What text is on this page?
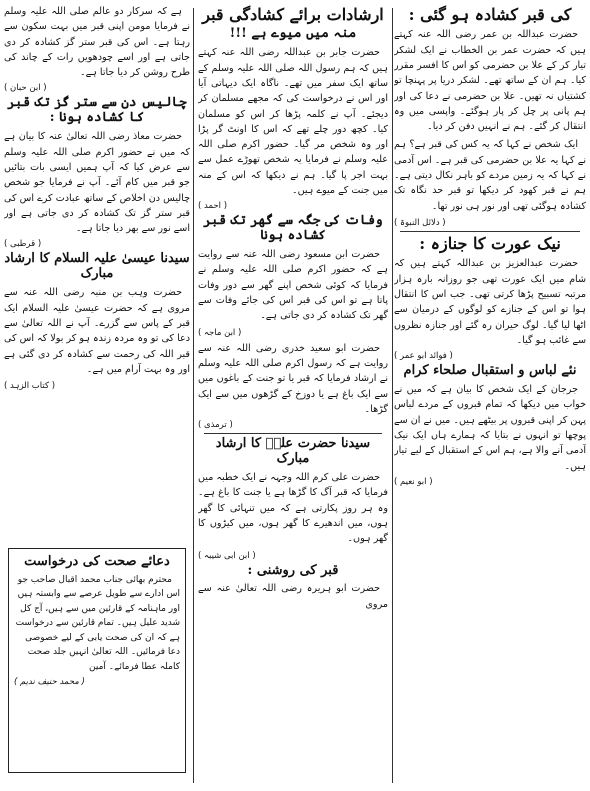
کی قبر کشادہ ہو گئی :

حضرت عبداللہ بن عمر رضی اللہ عنہ کہتے ہیں کہ حضرت عمر بن الخطاب نے ایک لشکر تیار کر کے علا بن حضرمی کو اس کا افسر مقرر کیا۔ ہم ان کے ساتھ تھے۔ لشکر دریا پر پہنچا تو کشتیاں نہ تھیں۔ علا بن حضرمی نے دعا کی اور ہم پانی پر چل کر پار ہوگئے۔ واپسی میں وہ انتقال کر گئے۔ ہم نے انہیں دفن کر دیا۔

ایک شخص نے کہا کہ یہ کس کی قبر ہے؟ ہم نے کہا یہ علا بن حضرمی کی قبر ہے۔ اس آدمی نے کہا کہ یہ زمین مردے کو باہر نکال دیتی ہے۔ ہم نے قبر کھود کر دیکھا تو قبر حد نگاہ تک کشادہ ہوگئی تھی اور نور ہی نور تھا۔

( دلائل النبوۃ )
نیک عورت کا جنازہ :

حضرت عبدالعزیز بن عبداللہ کہتے ہیں کہ شام میں ایک عورت تھی جو روزانہ بارہ ہزار مرتبہ تسبیح پڑھا کرتی تھی۔ جب اس کا انتقال ہوا تو اس کے جنازے کو لوگوں کے درمیان سے اٹھا لیا گیا۔ لوگ حیران رہ گئے اور جنازہ نظروں سے غائب ہو گیا۔

( فوائد ابو عمر )
نئے لباس و استقبال صلحاء کرام

جرجان کے ایک شخص کا بیان ہے کہ میں نے خواب میں دیکھا کہ تمام قبروں کے مردے لباس پہن کر اپنی قبروں پر بیٹھے ہیں۔ میں نے ان سے پوچھا تو انہوں نے بتایا کہ ہمارے ہاں ایک نیک آدمی آنے والا ہے، ہم اس کے استقبال کے لیے تیار ہیں۔

( ابو نعیم )
ارشادات برائے کشادگی قبر
منہ میں میوے ہے !!!

حضرت جابر بن عبداللہ رضی اللہ عنہ کہتے ہیں کہ ہم رسول اللہ صلی اللہ علیہ وسلم کے ساتھ ایک سفر میں تھے۔ ناگاہ ایک دیہاتی آیا اور اس نے درخواست کی کہ مجھے مسلمان کر دیجئے۔ آپ نے کلمہ پڑھا کر اس کو مسلمان کیا۔ کچھ دور چلے تھے کہ اس کا اونٹ گر پڑا اور وہ شخص مر گیا۔ حضور اکرم صلی اللہ علیہ وسلم نے فرمایا یہ شخص تھوڑے عمل سے بہت اجر پا گیا۔ ہم نے دیکھا کہ اس کے منہ میں جنت کے میوے ہیں۔

( احمد )
وفات کی جگہ سے گھر تک قبر کشادہ ہونا

حضرت ابن مسعود رضی اللہ عنہ سے روایت ہے کہ حضور اکرم صلی اللہ علیہ وسلم نے فرمایا کہ کوئی شخص اپنے گھر سے دور وفات پاتا ہے تو اس کی قبر اس کی جائے وفات سے گھر تک کشادہ کر دی جاتی ہے۔

( ابن ماجہ )

حضرت ابو سعید خدری رضی اللہ عنہ سے روایت ہے کہ رسول اکرم صلی اللہ علیہ وسلم نے ارشاد فرمایا کہ قبر یا تو جنت کے باغوں میں سے ایک باغ ہے یا دوزخ کے گڑھوں میں سے ایک گڑھا۔

( ترمذی )
سیدنا حضرت علیؓ کا ارشاد مبارک

حضرت علی کرم اللہ وجہہ نے ایک خطبہ میں فرمایا کہ قبر آگ کا گڑھا ہے یا جنت کا باغ ہے۔ وہ ہر روز پکارتی ہے کہ میں تنہائی کا گھر ہوں، میں اندھیرے کا گھر ہوں، میں کیڑوں کا گھر ہوں۔

( ابن ابی شیبہ )
قبر کی روشنی :

حضرت ابو ہریرہ رضی اللہ تعالیٰ عنہ سے مروی

ہے کہ سرکار دو عالم صلی اللہ علیہ وسلم نے فرمایا مومن اپنی قبر میں بہت سکون سے رہتا ہے۔ اس کی قبر ستر گز کشادہ کر دی جاتی ہے اور اسے چودھویں رات کے چاند کی طرح روشن کر دیا جاتا ہے۔

( ابن حبان )
چالیس دن سے ستر گز تک قبر کا کشادہ ہونا :

حضرت معاذ رضی اللہ تعالیٰ عنہ کا بیان ہے کہ میں نے حضور اکرم صلی اللہ علیہ وسلم سے عرض کیا کہ آپ ہمیں ایسی بات بتائیں جو قبر میں کام آئے۔ آپ نے فرمایا جو شخص چالیس دن اخلاص کے ساتھ عبادت کرے اس کی قبر ستر گز تک کشادہ کر دی جاتی ہے اور اسے نور سے بھر دیا جاتا ہے۔

( قرطبی )
سیدنا عیسیٰ علیہ السلام کا ارشاد مبارک

حضرت وہب بن منبہ رضی اللہ عنہ سے مروی ہے کہ حضرت عیسیٰ علیہ السلام ایک قبر کے پاس سے گزرے۔ آپ نے اللہ تعالیٰ سے دعا کی تو وہ مردہ زندہ ہو کر بولا کہ اس کی قبر اللہ کی رحمت سے کشادہ کر دی گئی ہے اور وہ بہت آرام میں ہے۔

( کتاب الزہد )
دعائے صحت کی درخواست

محترم بھائی جناب محمد اقبال صاحب جو اس ادارے سے طویل عرصے سے وابستہ ہیں اور ماہنامہ کے قارئین میں سے ہیں، آج کل شدید علیل ہیں۔ تمام قارئین سے درخواست ہے کہ ان کی صحت یابی کے لیے خصوصی دعا فرمائیں۔ اللہ تعالیٰ انہیں جلد صحت کاملہ عطا فرمائے۔ آمین

( محمد حنیف ندیم )
